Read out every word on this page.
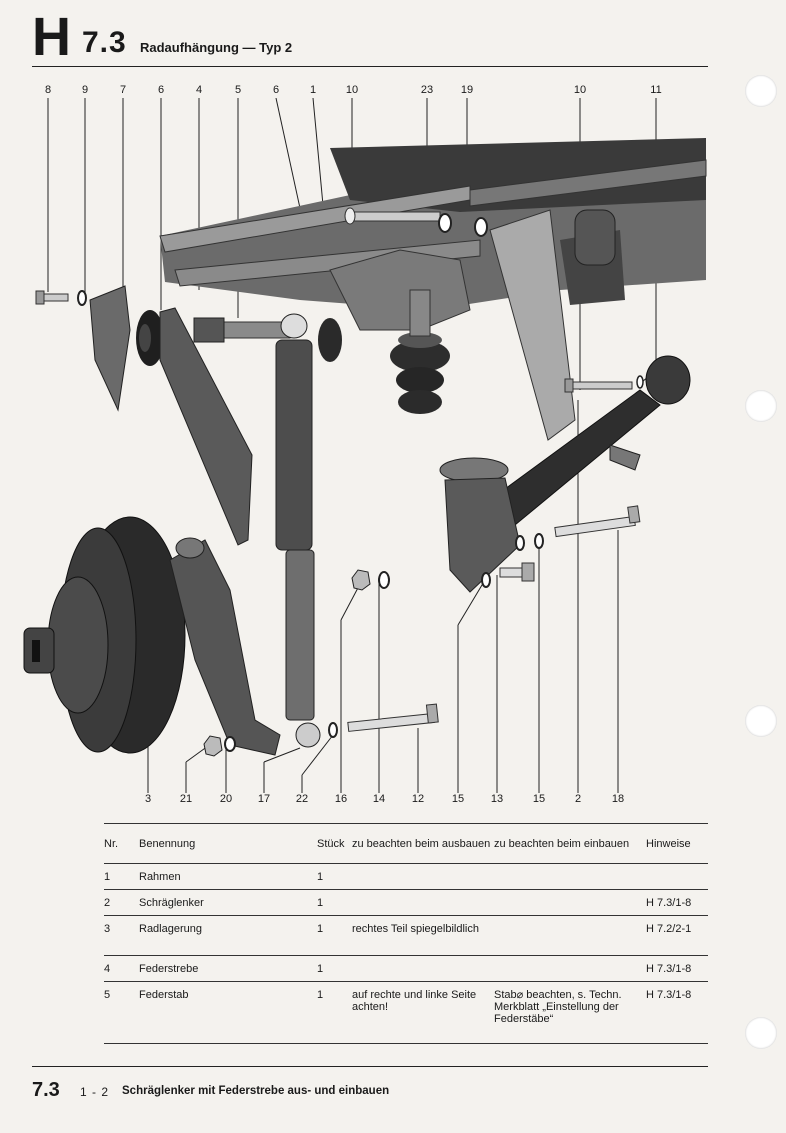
H 7.3 Radaufhängung — Typ 2
8	9	7	6	4	5	6	1	10	23	19	10	11
3	21	20	17	22	16	14	12	15	13	15	2	18
Nr.	Benennung	Stück	zu beachten beim ausbauen	zu beachten beim einbauen	Hinweise
1	Rahmen	1			
2	Schräglenker	1			H 7.3/1-8
3	Radlagerung	1	rechtes Teil spiegelbildlich		H 7.2/2-1
4	Federstrebe	1			H 7.3/1-8
5	Federstab	1	auf rechte und linke Seite achten!	Stab⌀ beachten, s. Techn. Merkblatt „Einstellung der Federstäbe“	H 7.3/1-8
7.3 1 - 2 Schräglenker mit Federstrebe aus- und einbauen
